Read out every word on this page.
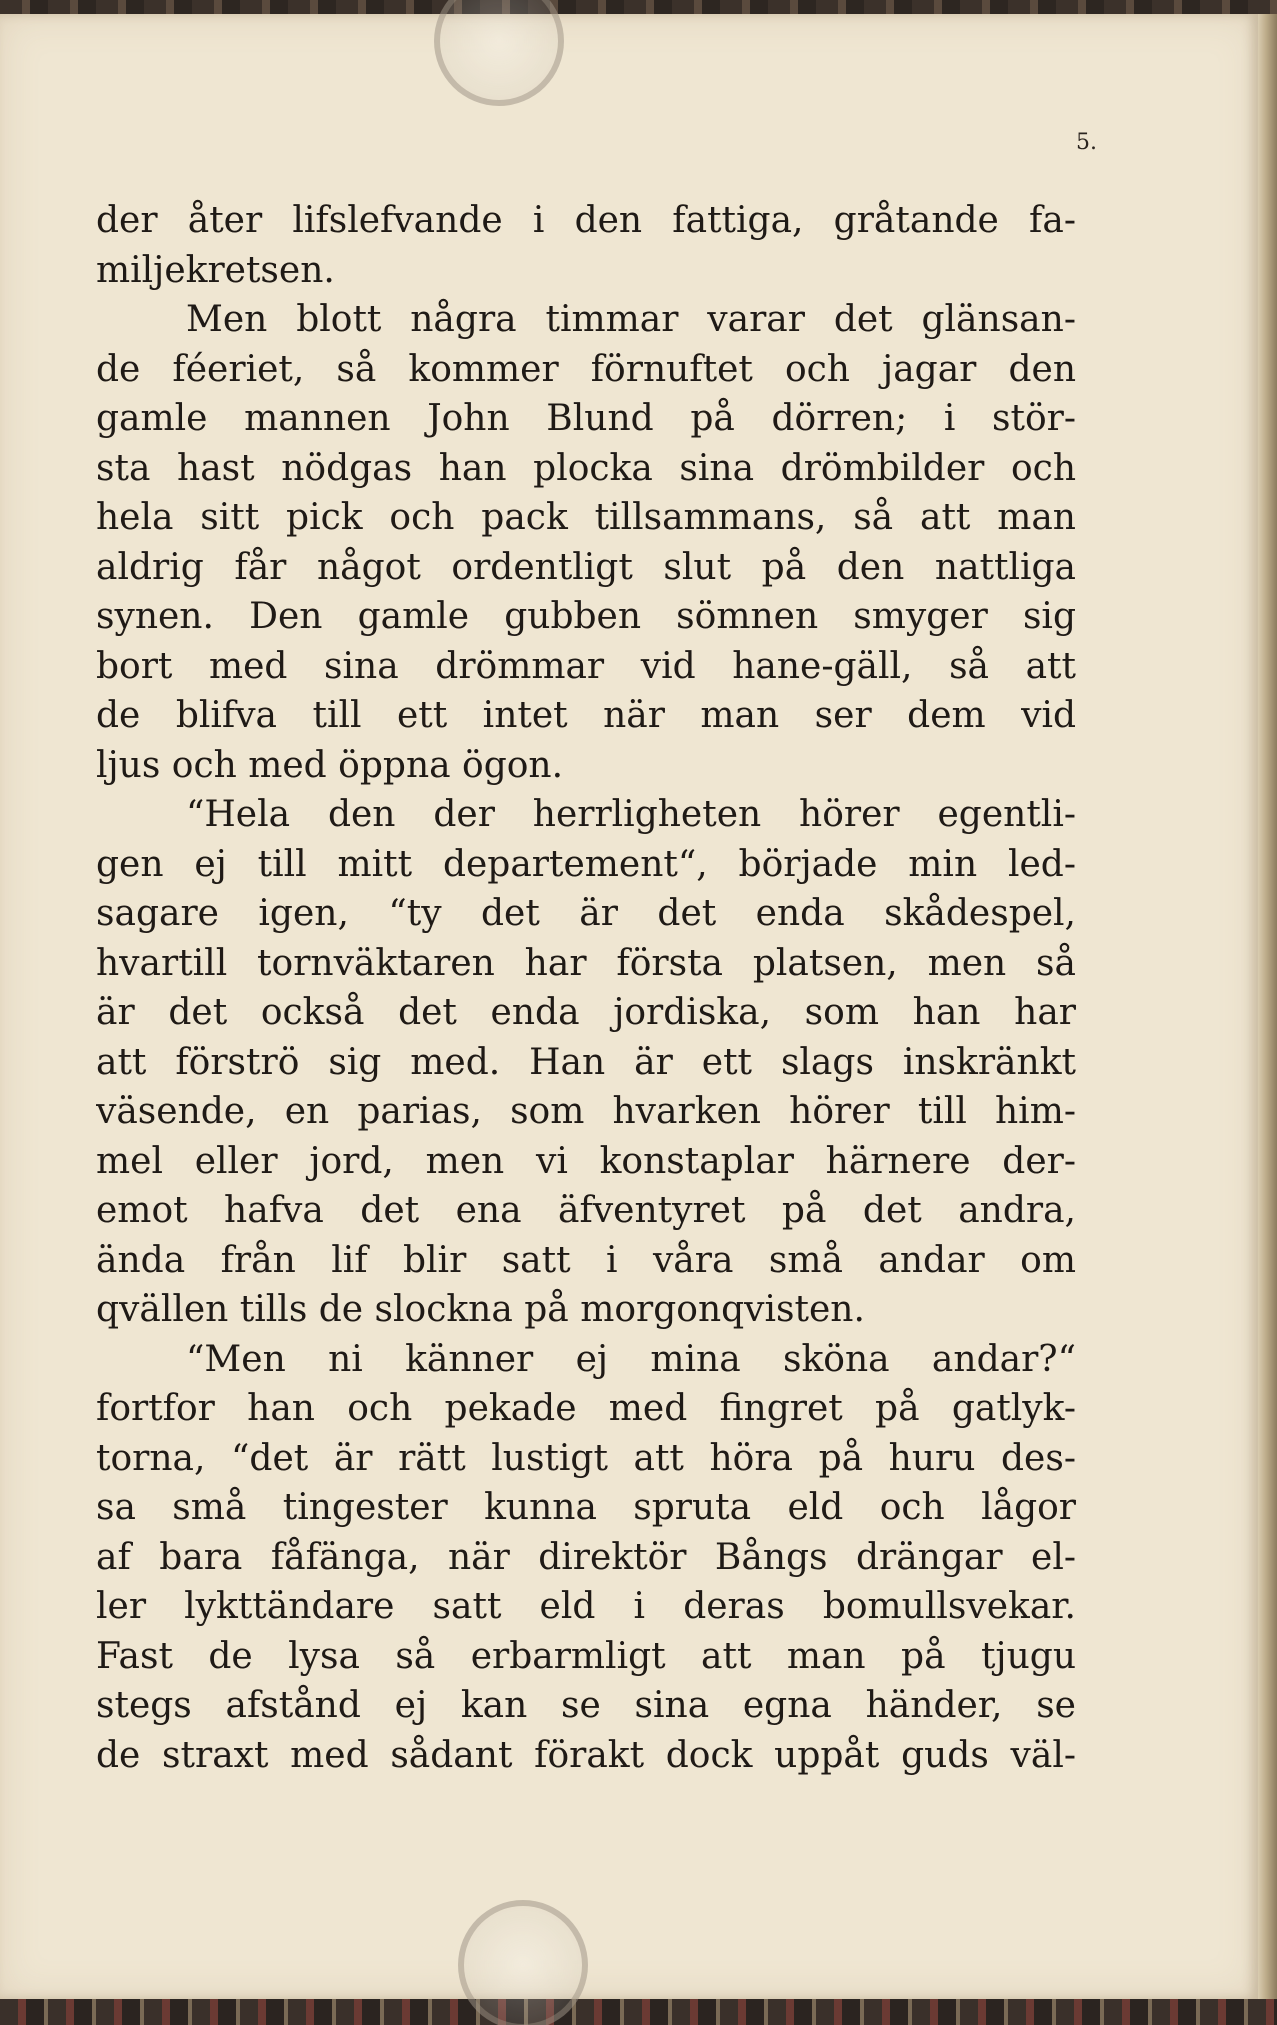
5.
der åter lifslefvande i den fattiga, gråtande fa-
miljekretsen.
Men blott några timmar varar det glänsan-
de féeriet, så kommer förnuftet och jagar den
gamle mannen John Blund på dörren; i stör-
sta hast nödgas han plocka sina drömbilder och
hela sitt pick och pack tillsammans, så att man
aldrig får något ordentligt slut på den nattliga
synen. Den gamle gubben sömnen smyger sig
bort med sina drömmar vid hane-gäll, så att
de blifva till ett intet när man ser dem vid
ljus och med öppna ögon.
“Hela den der herrligheten hörer egentli-
gen ej till mitt departement“, började min led-
sagare igen, “ty det är det enda skådespel,
hvartill tornväktaren har första platsen, men så
är det också det enda jordiska, som han har
att förströ sig med. Han är ett slags inskränkt
väsende, en parias, som hvarken hörer till him-
mel eller jord, men vi konstaplar härnere der-
emot hafva det ena äfventyret på det andra,
ända från lif blir satt i våra små andar om
qvällen tills de slockna på morgonqvisten.
“Men ni känner ej mina sköna andar?“
fortfor han och pekade med fingret på gatlyk-
torna, “det är rätt lustigt att höra på huru des-
sa små tingester kunna spruta eld och lågor
af bara fåfänga, när direktör Bångs drängar el-
ler lykttändare satt eld i deras bomullsvekar.
Fast de lysa så erbarmligt att man på tjugu
stegs afstånd ej kan se sina egna händer, se
de straxt med sådant förakt dock uppåt guds väl-
